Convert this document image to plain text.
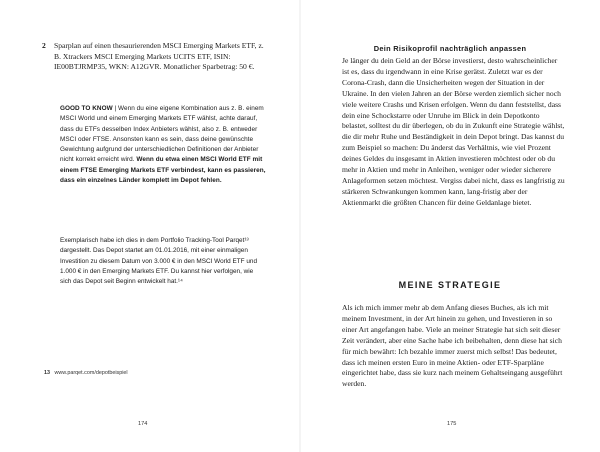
2 Sparplan auf einen thesaurierenden MSCI Emerging Markets ETF, z. B. Xtrackers MSCI Emerging Markets UCITS ETF, ISIN: IE00BTJRMP35, WKN: A12GVR. Monatlicher Sparbetrag: 50 €.

GOOD TO KNOW | Wenn du eine eigene Kombination aus z. B. einem MSCI World und einem Emerging Markets ETF wählst, achte darauf, dass du ETFs desselben Index Anbieters wählst, also z. B. entweder MSCI oder FTSE. Ansonsten kann es sein, dass deine gewünschte Gewichtung aufgrund der unterschiedlichen Definitionen der Anbieter nicht korrekt erreicht wird. Wenn du etwa einen MSCI World ETF mit einem FTSE Emerging Markets ETF verbindest, kann es passieren, dass ein einzelnes Länder komplett im Depot fehlen.

Exemplarisch habe ich dies in dem Portfolio Tracking-Tool Parqet¹³ dargestellt. Das Depot startet am 01.01.2016, mit einer einmaligen Investition zu diesem Datum von 3.000 € in den MSCI World ETF und 1.000 € in den Emerging Markets ETF. Du kannst hier verfolgen, wie sich das Depot seit Beginn entwickelt hat.¹⁴

13 www.parqet.com/depotbeispiel
174
Dein Risikoprofil nachträglich anpassen

Je länger du dein Geld an der Börse investierst, desto wahrscheinlicher ist es, dass du irgendwann in eine Krise gerätst. Zuletzt war es der Corona-Crash, dann die Unsicherheiten wegen der Situation in der Ukraine. In den vielen Jahren an der Börse werden ziemlich sicher noch viele weitere Crashs und Krisen erfolgen. Wenn du dann feststellst, dass dein eine Schockstarre oder Unruhe im Blick in dein Depotkonto belastet, solltest du dir überlegen, ob du in Zukunft eine Strategie wählst, die dir mehr Ruhe und Beständigkeit in dein Depot bringt. Das kannst du zum Beispiel so machen: Du änderst das Verhältnis, wie viel Prozent deines Geldes du insgesamt in Aktien investieren möchtest oder ob du mehr in Aktien und mehr in Anleihen, weniger oder wieder sicherere Anlageformen setzen möchtest. Vergiss dabei nicht, dass es langfristig zu stärkeren Schwankungen kommen kann, lang-fristig aber der Aktienmarkt die größten Chancen für deine Geldanlage bietet.

MEINE STRATEGIE

Als ich mich immer mehr ab dem Anfang dieses Buches, als ich mit meinem Investment, in der Art hinein zu gehen, und Investieren in so einer Art angefangen habe. Viele an meiner Strategie hat sich seit dieser Zeit verändert, aber eine Sache habe ich beibehalten, denn diese hat sich für mich bewährt: Ich bezahle immer zuerst mich selbst! Das bedeutet, dass ich meinen ersten Euro in meine Aktien- oder ETF-Sparpläne eingerichtet habe, dass sie kurz nach meinem Gehaltseingang ausgeführt werden.

175
